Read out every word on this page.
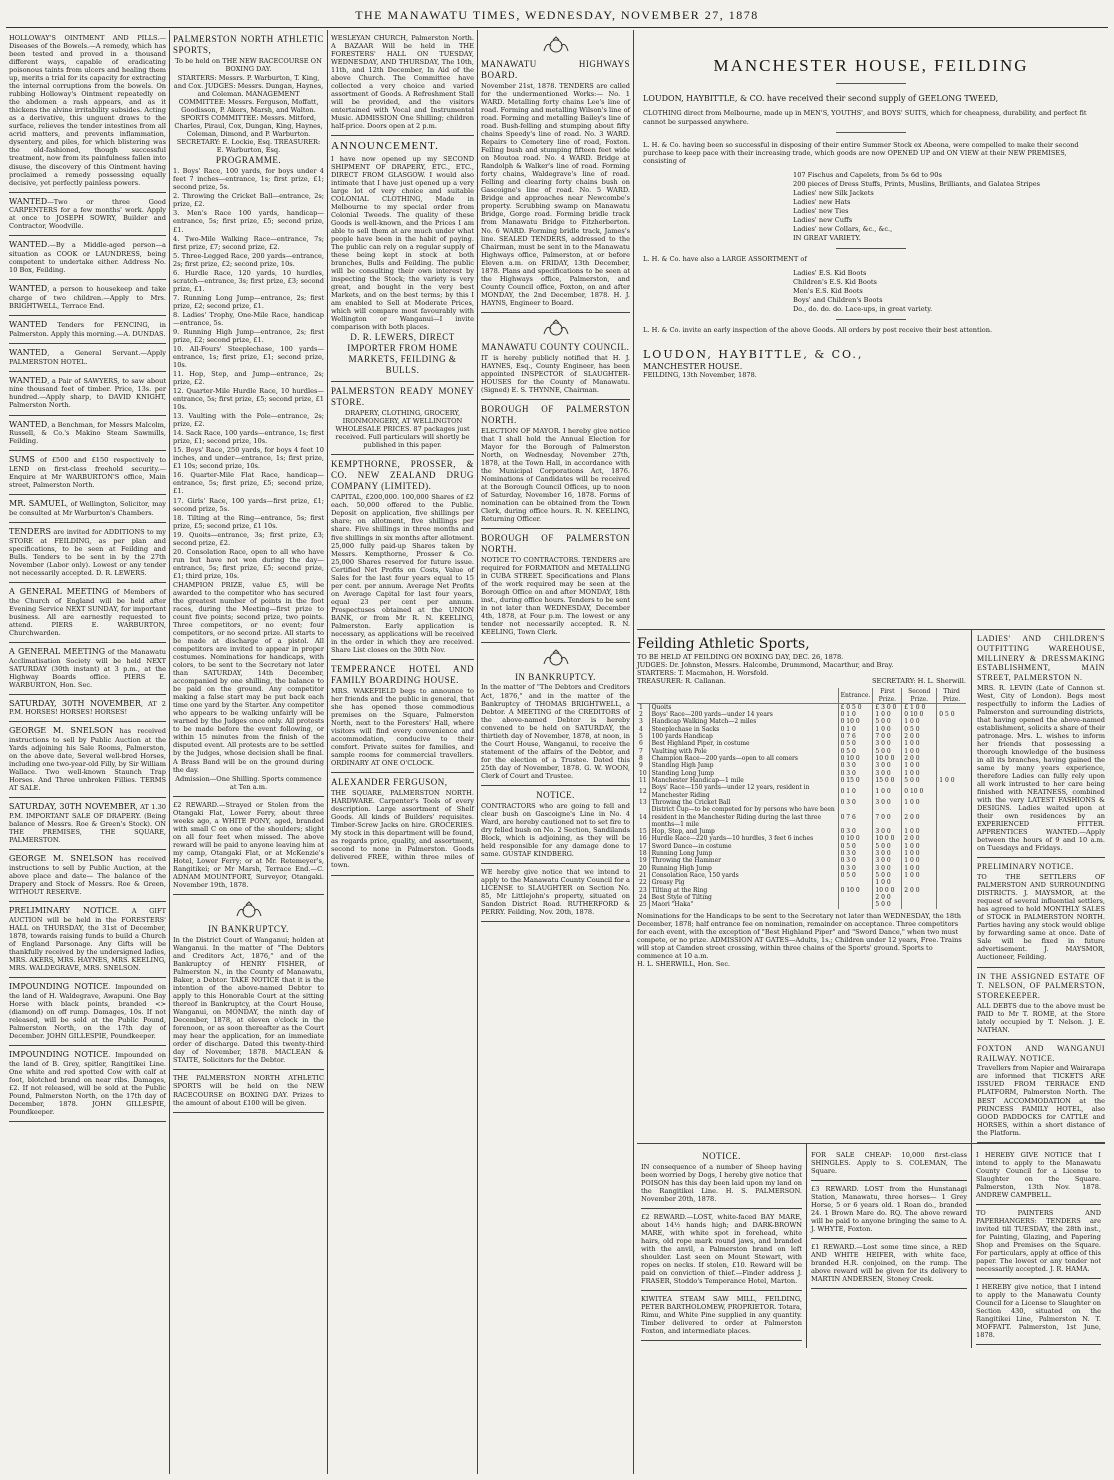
THE MANAWATU TIMES, WEDNESDAY, NOVEMBER 27, 1878

HOLLOWAY'S OINTMENT AND PILLS.—Diseases of the Bowels.—A remedy, which has been tested and proved in a thousand different ways, capable of eradicating poisonous taints from ulcers and healing them up, merits a trial for its capacity for extracting the internal corruptions from the bowels. On rubbing Holloway's Ointment repeatedly on the abdomen a rash appears, and as it thickens the alvine irritability subsides. Acting as a derivative, this unguent draws to the surface, relieves the tender intestines from all acrid matters, and prevents inflammation, dysentery, and piles, for which blistering was the old-fashioned, though successful treatment, now from its painfulness fallen into disuse, the discovery of this Ointment having proclaimed a remedy possessing equally decisive, yet perfectly painless powers.

WANTED—Two or three Good CARPENTERS for a few months' work. Apply at once to JOSEPH SOWRY, Builder and Contractor, Woodville.

WANTED.—By a Middle-aged person—a situation as COOK or LAUNDRESS, being competent to undertake either. Address No. 10 Box, Feilding.

WANTED, a person to housekeep and take charge of two children.—Apply to Mrs. BRIGHTWELL, Terrace End.

WANTED Tenders for FENCING, in Palmerston. Apply this morning.—A. DUNDAS.

WANTED, a General Servant.—Apply PALMERSTON HOTEL.

WANTED, a Pair of SAWYERS, to saw about nine thousand feet of timber. Price, 13s. per hundred.—Apply sharp, to DAVID KNIGHT, Palmerston North.

WANTED, a Benchman, for Messrs Malcolm, Russell, & Co.'s Makino Steam Sawmills, Feilding.

SUMS of £500 and £150 respectively to LEND on first-class freehold security.—Enquire at Mr WARBURTON'S office, Main street, Palmerston North.

MR. SAMUEL, of Wellington, Solicitor, may be consulted at Mr Warburton's Chambers.

TENDERS are invited for ADDITIONS to my STORE at FEILDING, as per plan and specifications, to be seen at Feilding and Bulls. Tenders to be sent in by the 27th November (Labor only). Lowest or any tender not necessarily accepted. D. R. LEWERS.

A GENERAL MEETING of Members of the Church of England will be held after Evening Service NEXT SUNDAY, for important business. All are earnestly requested to attend. PIERS E. WARBURTON, Churchwarden.

A GENERAL MEETING of the Manawatu Acclimatisation Society will be held NEXT SATURDAY (30th instant) at 3 p.m., at the Highway Boards office. PIERS E. WARBURTON, Hon. Sec.

SATURDAY, 30TH NOVEMBER, AT 2 P.M. HORSES! HORSES! HORSES!

GEORGE M. SNELSON has received instructions to sell by Public Auction at the Yards adjoining his Sale Rooms, Palmerston, on the above date, Several well-bred Horses, including one two-year-old Filly, by Sir William Wallace. Two well-known Staunch Trap Horses. And Three unbroken Fillies. TERMS AT SALE.

SATURDAY, 30TH NOVEMBER, AT 1.30 P.M. IMPORTANT SALE OF DRAPERY. (Being balance of Messrs. Roe & Green's Stock). ON THE PREMISES, THE SQUARE, PALMERSTON.

GEORGE M. SNELSON has received instructions to sell by Public Auction, at the above place and date— The balance of the Drapery and Stock of Messrs. Roe & Green, WITHOUT RESERVE.

PRELIMINARY NOTICE. A GIFT AUCTION will be held in the FORESTERS' HALL on THURSDAY, the 31st of December, 1878, towards raising funds to build a Church of England Parsonage. Any Gifts will be thankfully received by the undersigned ladies, MRS. AKERS, MRS. HAYNES, MRS. KEELING, MRS. WALDEGRAVE, MRS. SNELSON.

IMPOUNDING NOTICE. Impounded on the land of H. Waldegrave, Awapuni. One Bay Horse with black points, branded <> (diamond) on off rump. Damages, 10s. If not released, will be sold at the Public Pound, Palmerston North, on the 17th day of December. JOHN GILLESPIE, Poundkeeper.

IMPOUNDING NOTICE. Impounded on the land of B. Grey, spitler, Rangitikei Line. One white and red spotted Cow with calf at foot, blotched brand on near ribs. Damages, £2. If not released, will be sold at the Public Pound, Palmerston North, on the 17th day of December, 1878. JOHN GILLESPIE, Poundkeeper.

PALMERSTON NORTH ATHLETIC SPORTS,

To be held on THE NEW RACECOURSE ON BOXING DAY.

STARTERS: Messrs. P. Warburton, T. King, and Cox. JUDGES: Messrs. Dungan, Haynes, and Coleman. MANAGEMENT COMMITTEE: Messrs. Ferguson, Moffatt, Goodisson, P. Akers, Marsh, and Walton. SPORTS COMMITTEE: Messrs. Mitford, Charles, Piraul, Cox, Dungan, King, Haynes, Coleman, Dimond, and P. Warburton. SECRETARY: E. Lockie, Esq. TREASURER: E. Warburton, Esq.

PROGRAMME.

1. Boys' Race, 100 yards, for boys under 4 feet 7 inches—entrance, 1s; first prize, £1; second prize, 5s.

2. Throwing the Cricket Ball—entrance, 2s; prize, £2.

3. Men's Race 100 yards, handicap—entrance, 5s; first prize, £5; second prize, £1.

4. Two-Mile Walking Race—entrance, 7s; first prize, £7; second prize, £2.

5. Three-Legged Race, 200 yards—entrance, 2s; first prize, £2; second prize, 10s.

6. Hurdle Race, 120 yards, 10 hurdles, scratch—entrance, 3s; first prize, £3; second prize, £1.

7. Running Long Jump—entrance, 2s; first prize, £2; second prize, £1.

8. Ladies' Trophy, One-Mile Race, handicap—entrance, 5s.

9. Running High Jump—entrance, 2s; first prize, £2; second prize, £1.

10. All-Fours' Steeplechase, 100 yards—entrance, 1s; first prize, £1; second prize, 10s.

11. Hop, Step, and Jump—entrance, 2s; prize, £2.

12. Quarter-Mile Hurdle Race, 10 hurdles—entrance, 5s; first prize, £5; second prize, £1 10s.

13. Vaulting with the Pole—entrance, 2s; prize, £2.

14. Sack Race, 100 yards—entrance, 1s; first prize, £1; second prize, 10s.

15. Boys' Race, 250 yards, for boys 4 feet 10 inches, and under—entrance, 1s; first prize, £1 10s; second prize, 10s.

16. Quarter-Mile Flat Race, handicap—entrance, 5s; first prize, £5; second prize, £1.

17. Girls' Race, 100 yards—first prize, £1; second prize, 5s.

18. Tilting at the Ring—entrance, 5s; first prize, £5; second prize, £1 10s.

19. Quoits—entrance, 3s; first prize, £3; second prize, £2.

20. Consolation Race, open to all who have run but have not won during the day—entrance, 5s; first prize, £5; second prize, £1; third prize, 10s.

CHAMPION PRIZE, value £5, will be awarded to the competitor who has secured the greatest number of points in the foot races, during the Meeting—first prize to count five points; second prize, two points. Three competitors, or no event; four competitors, or no second prize. All starts to be made at discharge of a pistol. All competitors are invited to appear in proper costumes. Nominations for handicaps, with colors, to be sent to the Secretary not later than SATURDAY, 14th December, accompanied by one shilling, the balance to be paid on the ground. Any competitor making a false start may be put back each time one yard by the Starter. Any competitor who appears to be walking unfairly will be warned by the Judges once only. All protests to be made before the event following, or within 15 minutes from the finish of the disputed event. All protests are to be settled by the Judges, whose decision shall be final. A Brass Band will be on the ground during the day.

Admission—One Shilling. Sports commence at Ten a.m.

£2 REWARD.—Strayed or Stolen from the Otangaki Flat, Lower Ferry, about three weeks ago, a WHITE PONY, aged, branded with small C on one of the shoulders; slight on all four feet when missed. The above reward will be paid to anyone leaving him at my camp, Otangaki Flat, or at McKenzie's Hotel, Lower Ferry; or at Mr. Retemeyer's, Rangitikei; or Mr Marsh, Terrace End.—C. ADNAM MOUNTFORT, Surveyor, Otangaki. November 19th, 1878.

IN BANKRUPTCY.

In the District Court of Wanganui; holden at Wanganui. In the matter of "The Debtors and Creditors Act, 1876," and of the Bankruptcy of HENRY FISHER, of Palmerston N., in the County of Manawatu, Baker, a Debtor. TAKE NOTICE that it is the intention of the above-named Debtor to apply to this Honorable Court at the sitting thereof in Bankruptcy, at the Court House, Wanganui, on MONDAY, the ninth day of December, 1878, at eleven o'clock in the forenoon, or as soon thereafter as the Court may hear the application, for an immediate order of discharge. Dated this twenty-third day of November, 1878. MACLEAN & STAITE, Solicitors for the Debtor.

THE PALMERSTON NORTH ATHLETIC SPORTS will be held on the NEW RACECOURSE on BOXING DAY. Prizes to the amount of about £100 will be given.

WESLEYAN CHURCH, Palmerston North. A BAZAAR Will be held in THE FORESTERS' HALL ON TUESDAY, WEDNESDAY, AND THURSDAY, The 10th, 11th, and 12th December, In Aid of the above Church. The Committee have collected a very choice and varied assortment of Goods. A Refreshment Stall will be provided, and the visitors entertained with Vocal and Instrumental Music. ADMISSION One Shilling; children half-price. Doors open at 2 p.m.

ANNOUNCEMENT.

I have now opened up my SECOND SHIPMENT OF DRAPERY, ETC., ETC., DIRECT FROM GLASGOW. I would also intimate that I have just opened up a very large lot of very choice and suitable COLONIAL CLOTHING, Made in Melbourne to my special order from Colonial Tweeds. The quality of these Goods is well-known, and the Prices I am able to sell them at are much under what people have been in the habit of paying. The public can rely on a regular supply of these being kept in stock at both branches, Bulls and Feilding. The public will be consulting their own interest by inspecting the Stock; the variety is very great, and bought in the very best Markets, and on the best terms; by this I am enabled to Sell at Moderate Prices, which will compare most favourably with Wellington or Wanganui—I invite comparison with both places.

D. R. LEWERS, DIRECT IMPORTER FROM HOME MARKETS, FEILDING & BULLS.

PALMERSTON READY MONEY STORE.

DRAPERY, CLOTHING, GROCERY, IRONMONGERY, AT WELLINGTON WHOLESALE PRICES. 87 packages just received. Full particulars will shortly be published in this paper.

KEMPTHORNE, PROSSER, & CO. NEW ZEALAND DRUG COMPANY (LIMITED).

CAPITAL, £200,000. 100,000 Shares of £2 each. 50,000 offered to the Public. Deposit on application, five shillings per share; on allotment, five shillings per share. Five shillings in three months and five shillings in six months after allotment. 25,000 fully paid-up Shares taken by Messrs. Kempthorne, Prosser & Co. 25,000 Shares reserved for future issue. Certified Net Profits on Costs, Value of Sales for the last four years equal to 15 per cent. per annum. Average Net Profits on Average Capital for last four years, equal 23 per cent per annum. Prospectuses obtained at the UNION BANK, or from Mr R. N. KEELING, Palmerston. Early application is necessary, as applications will be received in the order in which they are received. Share List closes on the 30th Nov.

TEMPERANCE HOTEL AND FAMILY BOARDING HOUSE.

MRS. WAKEFIELD begs to announce to her friends and the public in general, that she has opened those commodious premises on the Square, Palmerston North, next to the Foresters' Hall, where visitors will find every convenience and accommodation, conducive to their comfort. Private suites for families, and sample rooms for commercial travellers. ORDINARY AT ONE O'CLOCK.

ALEXANDER FERGUSON,

THE SQUARE, PALMERSTON NORTH. HARDWARE. Carpenter's Tools of every description. Large assortment of Shelf Goods. All kinds of Builders' requisites. Timber-Screw Jacks on hire. GROCERIES. My stock in this department will be found, as regards price, quality, and assortment, second to none in Palmerston. Goods delivered FREE, within three miles of town.

MANAWATU HIGHWAYS BOARD.

November 21st, 1878. TENDERS are called for the undermentioned Works:— No. 1 WARD. Metalling forty chains Lee's line of road. Forming and metalling Wilson's line of road. Forming and metalling Bailey's line of road. Bush-felling and stumping about fifty chains Speedy's line of road. No. 3 WARD. Repairs to Cemetery line of road, Foxton. Felling bush and stumping fifteen feet wide on Moutoa road. No. 4 WARD. Bridge at Randolph & Walker's line of road. Forming forty chains, Waldegrave's line of road. Felling and clearing forty chains bush on Gascoigne's line of road. No. 5 WARD. Bridge and approaches near Newcombe's property. Scrubbing swamp on Manawatu Bridge, Gorge road. Forming bridle track from Manawatu Bridge to Fitzherberton. No. 6 WARD. Forming bridle track, James's line. SEALED TENDERS, addressed to the Chairman, must be sent in to the Manawatu Highways office, Palmerston, at or before Eleven a.m. on FRIDAY, 13th December, 1878. Plans and specifications to be seen at the Highways office, Palmerston, and County Council office, Foxton, on and after MONDAY, the 2nd December, 1878. H. J. HAYNS, Engineer to Board.

MANAWATU COUNTY COUNCIL.

IT is hereby publicly notified that H. J. HAYNES, Esq., County Engineer, has been appointed INSPECTOR of SLAUGHTER-HOUSES for the County of Manawatu. (Signed) E. S. THYNNE, Chairman.

BOROUGH OF PALMERSTON NORTH.

ELECTION OF MAYOR. I hereby give notice that I shall hold the Annual Election for Mayor for the Borough of Palmerston North, on Wednesday, November 27th, 1878, at the Town Hall, in accordance with the Municipal Corporations Act, 1876. Nominations of Candidates will be received at the Borough Council Offices, up to noon of Saturday, November 16, 1878. Forms of nomination can be obtained from the Town Clerk, during office hours. R. N. KEELING, Returning Officer.

BOROUGH OF PALMERSTON NORTH.

NOTICE TO CONTRACTORS. TENDERS are required for FORMATION and METALLING in CUBA STREET. Specifications and Plans of the work required may be seen at the Borough Office on and after MONDAY, 18th inst., during office hours. Tenders to be sent in not later than WEDNESDAY, December 4th, 1878, at Four p.m. The lowest or any tender not necessarily accepted. R. N. KEELING, Town Clerk.

IN BANKRUPTCY.

In the matter of "The Debtors and Creditors Act, 1876," and in the matter of the Bankruptcy of THOMAS BRIGHTWELL, a Debtor. A MEETING of the CREDITORS of the above-named Debtor is hereby convened to be held on SATURDAY, the thirtieth day of November, 1878, at noon, in the Court House, Wanganui, to receive the statement of the affairs of the Debtor, and for the election of a Trustee. Dated this 25th day of November, 1878. G. W. WOON, Clerk of Court and Trustee.

NOTICE.

CONTRACTORS who are going to fell and clear bush on Gascoigne's Line in No. 4 Ward, are hereby cautioned not to set fire to dry felled bush on No. 2 Section, Sandilands Block, which is adjoining, as they will be held responsible for any damage done to same. GUSTAF KINDBERG.

WE hereby give notice that we intend to apply to the Manawatu County Council for a LICENSE to SLAUGHTER on Section No. 85, Mr Littlejohn's property, situated on Sandon District Road. RUTHERFORD & PERRY. Feilding, Nov. 20th, 1878.

MANCHESTER HOUSE, FEILDING

LOUDON, HAYBITTLE, & CO. have received their second supply of GEELONG TWEED,

CLOTHING direct from Melbourne, made up in MEN'S, YOUTHS', and BOYS' SUITS, which for cheapness, durability, and perfect fit cannot be surpassed anywhere.

L. H. & Co. having been so successful in disposing of their entire Summer Stock ex Abeona, were compelled to make their second purchase to keep pace with their increasing trade, which goods are now OPENED UP and ON VIEW at their NEW PREMISES, consisting of

107 Fischus and Capelets, from 5s 6d to 90s
200 pieces of Dress Stuffs, Prints, Muslins, Brilliants, and Galatea Stripes
Ladies' new Silk Jackets
Ladies' new Hats
Ladies' new Ties
Ladies' new Cuffs
Ladies' new Collars, &c., &c.,
IN GREAT VARIETY.

L. H. & Co. have also a LARGE ASSORTMENT of

Ladies' E.S. Kid Boots
Children's E.S. Kid Boots
Men's E.S. Kid Boots
Boys' and Children's Boots
Do., do. do. do. Lace-ups, in great variety.

L. H. & Co. invite an early inspection of the above Goods. All orders by post receive their best attention.

LOUDON, HAYBITTLE, & CO.,

MANCHESTER HOUSE.

FEILDING, 13th November, 1878.

Feilding Athletic Sports,

TO BE HELD AT FEILDING ON BOXING DAY, DEC. 26, 1878.

JUDGES: Dr. Johnston, Messrs. Halcombe, Drummond, Macarthur, and Bray.

STARTERS: T. Macmahon, H. Worsfold.

TREASURER: R. Callanan.	SECRETARY: H. L. Sherwill.
		Entrance.	First Prize.	Second Prize.	Third Prize.
1	Quoits	£ 0 5 0	£ 3 0 0	£ 1 0 0	
2	Boys' Race—200 yards—under 14 years	0 1 0	1 0 0	0 10 0	0 5 0
3	Handicap Walking Match—2 miles	0 10 0	5 0 0	1 0 0	
4	Steeplechase in Sacks	0 1 0	1 0 0	0 5 0	
5	100 yards Handicap	0 7 6	7 0 0	2 0 0	
6	Best Highland Piper, in costume	0 5 0	3 0 0	1 0 0	
7	Vaulting with Pole	0 5 0	5 0 0	1 0 0	
8	Champion Race—200 yards—open to all comers	0 10 0	10 0 0	2 0 0	
9	Standing High Jump	0 3 0	3 0 0	1 0 0	
10	Standing Long Jump	0 3 0	3 0 0	1 0 0	
11	Manchester Handicap—1 mile	0 15 0	15 0 0	5 0 0	1 0 0
12	Boys' Race—150 yards—under 12 years, resident in Manchester Riding	0 1 0	1 0 0	0 10 0	
13	Throwing the Cricket Ball	0 3 0	3 0 0	1 0 0	
14	District Cup—to be competed for by persons who have been resident in the Manchester Riding during the last three months—1 mile	0 7 6	7 0 0	2 0 0	
15	Hop, Step, and Jump	0 3 0	3 0 0	1 0 0	
16	Hurdle Race—220 yards—10 hurdles, 3 feet 6 inches	0 10 0	10 0 0	2 0 0	
17	Sword Dance—in costume	0 5 0	5 0 0	1 0 0	
18	Running Long Jump	0 3 0	3 0 0	1 0 0	
19	Throwing the Hammer	0 3 0	3 0 0	1 0 0	
20	Running High Jump	0 3 0	3 0 0	1 0 0	
21	Consolation Race, 150 yards	0 5 0	5 0 0	1 0 0	
22	Greasy Pig		1 0 0		
23	Tilting at the Ring	0 10 0	10 0 0	2 0 0	
24	Best Style of Tilting		2 0 0		
25	Maori "Haka"		5 0 0		

Nominations for the Handicaps to be sent to the Secretary not later than WEDNESDAY, the 18th December, 1878; half entrance fee on nomination, remainder on acceptance. Three competitors for each event, with the exception of "Best Highland Piper" and "Sword Dance," when two must compete, or no prize. ADMISSION AT GATES—Adults, 1s.; Children under 12 years, Free. Trains will stop at Camden street crossing, within three chains of the Sports' ground. Sports to commence at 10 a.m.

H. L. SHERWILL, Hon. Sec.

LADIES' AND CHILDREN'S OUTFITTING WAREHOUSE, MILLINERY & DRESSMAKING ESTABLISHMENT, MAIN STREET, PALMERSTON N.

MRS. R. LEVIN (Late of Cannon st. West, City of London). Begs most respectfully to inform the Ladies of Palmerston and surrounding districts, that having opened the above-named establishment, solicits a share of their patronage. Mrs. L. wishes to inform her friends that possessing a thorough knowledge of the business in all its branches, having gained the same by many years experience, therefore Ladies can fully rely upon all work intrusted to her care being finished with NEATNESS, combined with the very LATEST FASHIONS & DESIGNS. Ladies waited upon at their own residences by an EXPERIENCED FITTER. APPRENTICES WANTED.—Apply between the hours of 9 and 10 a.m. on Tuesdays and Fridays.

PRELIMINARY NOTICE.

TO THE SETTLERS OF PALMERSTON AND SURROUNDING DISTRICTS. J. MAYSMOR, at the request of several influential settlers, has agreed to hold MONTHLY SALES of STOCK in PALMERSTON NORTH. Parties having any stock would oblige by forwarding same at once. Date of Sale will be fixed in future advertisement. J. MAYSMOR, Auctioneer, Feilding.

IN THE ASSIGNED ESTATE OF T. NELSON, OF PALMERSTON, STOREKEEPER.

ALL DEBTS due to the above must be PAID to Mr T. ROME, at the Store lately occupied by T. Nelson. J. E. NATHAN.

FOXTON AND WANGANUI RAILWAY. NOTICE.

Travellers from Napier and Wairarapa are informed that TICKETS ARE ISSUED FROM TERRACE END PLATFORM, Palmerston North. The BEST ACCOMMODATION at the PRINCESS FAMILY HOTEL, also GOOD PADDOCKS for CATTLE and HORSES, within a short distance of the Platform.

NOTICE.

IN consequence of a number of Sheep having been worried by Dogs, I hereby give notice that POISON has this day been laid upon my land on the Rangitikei Line. H. S. PALMERSON. November 20th, 1878.

£2 REWARD.—LOST, white-faced BAY MARE, about 14½ hands high; and DARK-BROWN MARE, with white spot in forehead, white hairs, old rope mark round jaws, and branded with the anvil, a Palmerston brand on left shoulder. Last seen on Mount Stewart, with ropes on necks. If stolen, £10. Reward will be paid on conviction of thief.—Finder address J. FRASER, Stoddo's Temperance Hotel, Marton.

KIWITEA STEAM SAW MILL, FEILDING, PETER BARTHOLOMEW, PROPRIETOR. Totara, Rimu, and White Pine supplied in any quantity. Timber delivered to order at Palmerston Foxton, and intermediate places.

FOR SALE CHEAP: 10,000 first-class SHINGLES. Apply to S. COLEMAN, The Square.

£3 REWARD. LOST from the Hunstanagi Station, Manawatu, three horses— 1 Grey Horse, 5 or 6 years old. 1 Roan do., branded 24. 1 Brown Mare do. RQ. The above reward will be paid to anyone bringing the same to A. J. WHYTE, Foxton.

£1 REWARD.—Lost some time since, a RED AND WHITE HEIFER, with white face, branded H.R. conjoined, on the rump. The above reward will be given for its delivery to MARTIN ANDERSEN, Stoney Creek.

I HEREBY GIVE NOTICE that I intend to apply to the Manawatu County Council for a License to Slaughter on the Square. Palmerston, 13th Nov. 1878. ANDREW CAMPBELL.

TO PAINTERS AND PAPERHANGERS: TENDERS are invited till TUESDAY, the 28th inst., for Painting, Glazing, and Papering Shop and Premises on the Square. For particulars, apply at office of this paper. The lowest or any tender not necessarily accepted. J. R. HAMA.

I HEREBY give notice, that I intend to apply to the Manawatu County Council for a License to Slaughter on Section 430, situated on the Rangitikei Line, Palmerston N. T. MOFFATT. Palmerston, 1st June, 1878.
